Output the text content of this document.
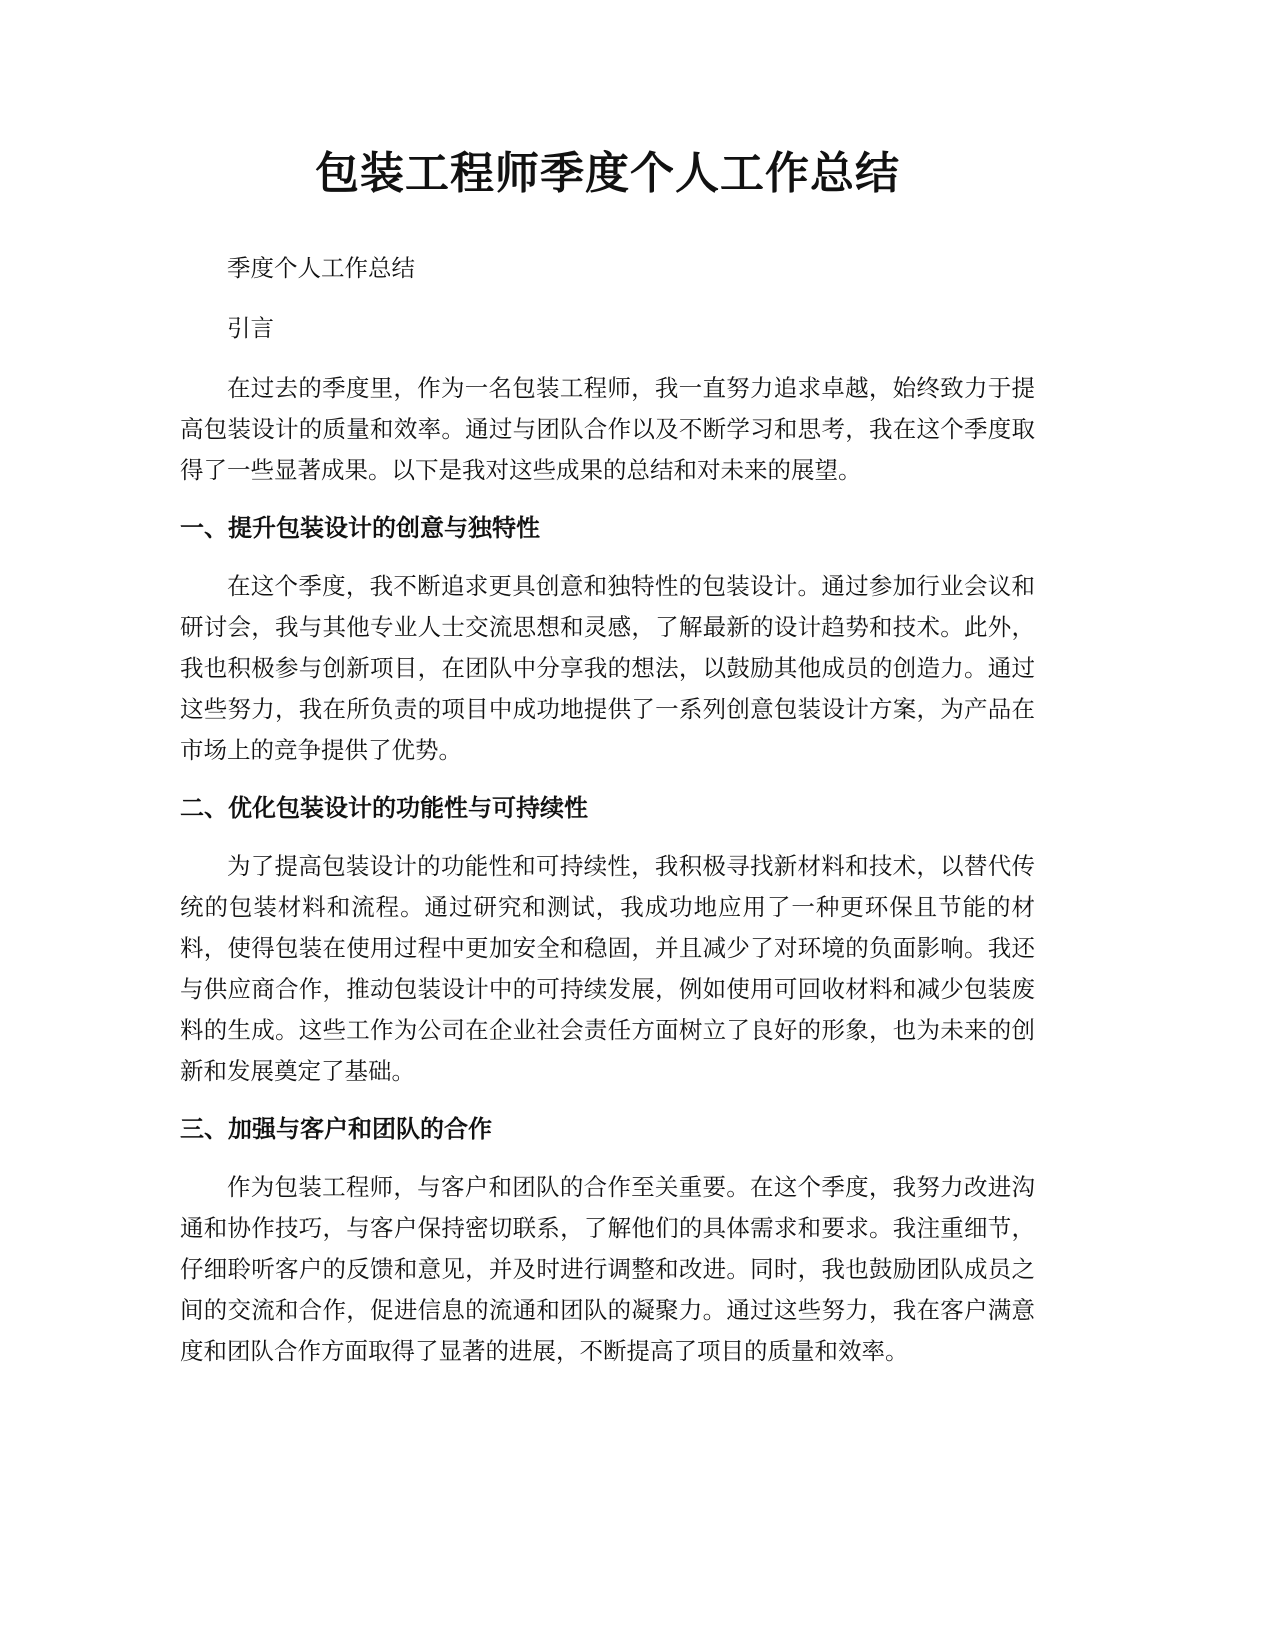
包装工程师季度个人工作总结

季度个人工作总结

引言

在过去的季度里，作为一名包装工程师，我一直努力追求卓越，始终致力于提高包装设计的质量和效率。通过与团队合作以及不断学习和思考，我在这个季度取得了一些显著成果。以下是我对这些成果的总结和对未来的展望。

一、提升包装设计的创意与独特性

在这个季度，我不断追求更具创意和独特性的包装设计。通过参加行业会议和研讨会，我与其他专业人士交流思想和灵感，了解最新的设计趋势和技术。此外，我也积极参与创新项目，在团队中分享我的想法，以鼓励其他成员的创造力。通过这些努力，我在所负责的项目中成功地提供了一系列创意包装设计方案，为产品在市场上的竞争提供了优势。

二、优化包装设计的功能性与可持续性

为了提高包装设计的功能性和可持续性，我积极寻找新材料和技术，以替代传统的包装材料和流程。通过研究和测试，我成功地应用了一种更环保且节能的材料，使得包装在使用过程中更加安全和稳固，并且减少了对环境的负面影响。我还与供应商合作，推动包装设计中的可持续发展，例如使用可回收材料和减少包装废料的生成。这些工作为公司在企业社会责任方面树立了良好的形象，也为未来的创新和发展奠定了基础。

三、加强与客户和团队的合作

作为包装工程师，与客户和团队的合作至关重要。在这个季度，我努力改进沟通和协作技巧，与客户保持密切联系，了解他们的具体需求和要求。我注重细节，仔细聆听客户的反馈和意见，并及时进行调整和改进。同时，我也鼓励团队成员之间的交流和合作，促进信息的流通和团队的凝聚力。通过这些努力，我在客户满意度和团队合作方面取得了显著的进展，不断提高了项目的质量和效率。
